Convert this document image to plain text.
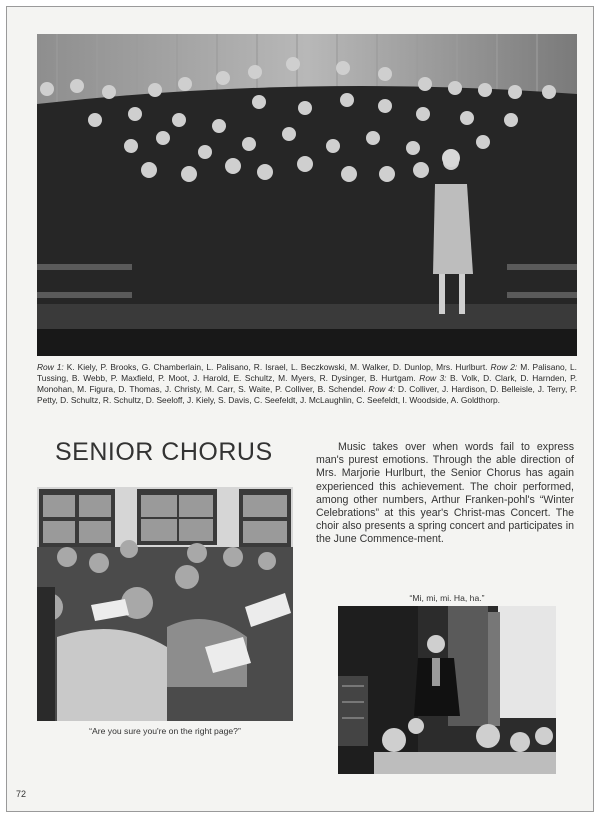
Row 1: K. Kiely, P. Brooks, G. Chamberlain, L. Palisano, R. Israel, L. Beczkowski, M. Walker, D. Dunlop, Mrs. Hurlburt. Row 2: M. Palisano, L. Tussing, B. Webb, P. Maxfield, P. Moot, J. Harold, E. Schultz, M. Myers, R. Dysinger, B. Hurtgam. Row 3: B. Volk, D. Clark, D. Harnden, P. Monohan, M. Figura, D. Thomas, J. Christy, M. Carr, S. Waite, P. Colliver, B. Schendel. Row 4: D. Colliver, J. Hardison, D. Belleisle, J. Terry, P. Petty, D. Schultz, R. Schultz, D. Seeloff, J. Kiely, S. Davis, C. Seefeldt, J. McLaughlin, C. Seefeldt, I. Woodside, A. Goldthorp.
SENIOR CHORUS	Music takes over when words fail to express man's purest emotions. Through the able direction of Mrs. Marjorie Hurlburt, the Senior Chorus has again experienced this achievement. The choir performed, among other numbers, Arthur Franken-pohl's “Winter Celebrations” at this year's Christ-mas Concert. The choir also presents a spring concert and participates in the June Commence-ment.

“Are you sure you're on the right page?”
“Mi, mi, mi. Ha, ha.”
72
